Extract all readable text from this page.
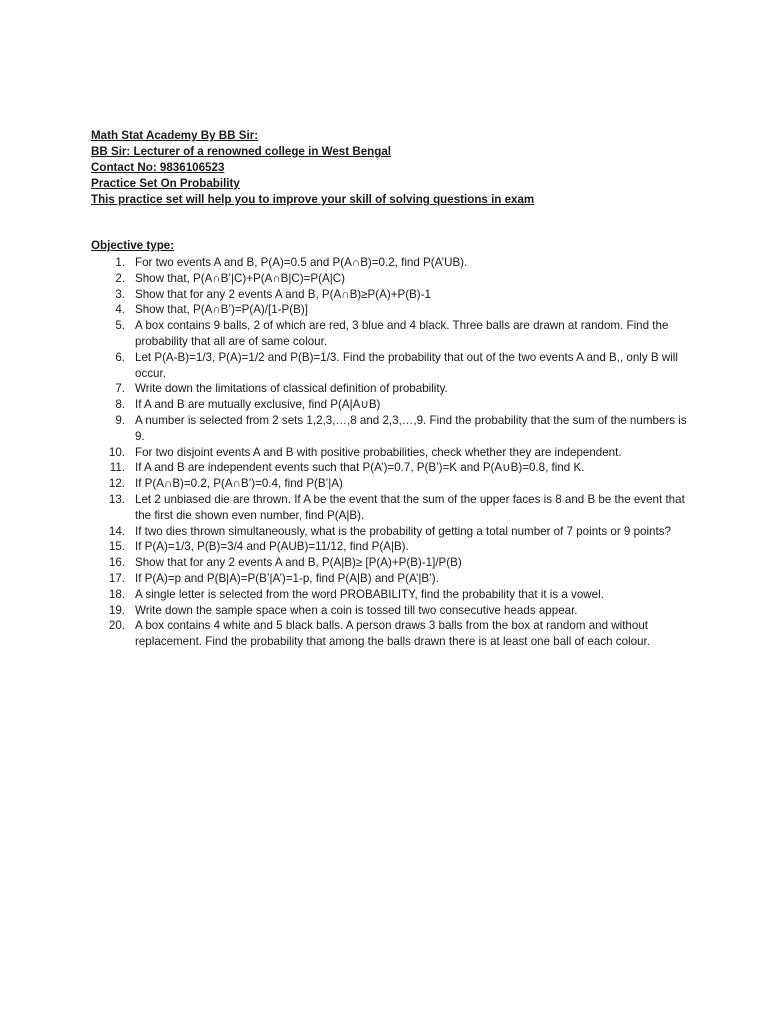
Math Stat Academy By BB Sir:
BB Sir: Lecturer of a renowned college in West Bengal
Contact No: 9836106523
Practice Set On Probability
This practice set will help you to improve your skill of solving questions in exam
Objective type:
1. For two events A and B, P(A)=0.5 and P(A∩B)=0.2, find P(A’UB).
2. Show that, P(A∩B’|C)+P(A∩B|C)=P(A|C)
3. Show that for any 2 events A and B, P(A∩B)≥P(A)+P(B)-1
4. Show that, P(A∩B’)=P(A)/[1-P(B)]
5. A box contains 9 balls, 2 of which are red, 3 blue and 4 black. Three balls are drawn at random. Find the probability that all are of same colour.
6. Let P(A-B)=1/3, P(A)=1/2 and P(B)=1/3. Find the probability that out of the two events A and B,, only B will occur.
7. Write down the limitations of classical definition of probability.
8. If A and B are mutually exclusive, find P(A|A∪B)
9. A number is selected from 2 sets 1,2,3,…,8 and 2,3,…,9. Find the probability that the sum of the numbers is 9.
10. For two disjoint events A and B with positive probabilities, check whether they are independent.
11. If A and B are independent events such that P(A’)=0.7, P(B’)=K and P(A∪B)=0.8, find K.
12. If P(A∩B)=0.2, P(A∩B’)=0.4, find P(B’|A)
13. Let 2 unbiased die are thrown. If A be the event that the sum of the upper faces is 8 and B be the event that the first die shown even number, find P(A|B).
14. If two dies thrown simultaneously, what is the probability of getting a total number of 7 points or 9 points?
15. If P(A)=1/3, P(B)=3/4 and P(AUB)=11/12, find P(A|B).
16. Show that for any 2 events A and B, P(A|B)≥ [P(A)+P(B)-1]/P(B)
17. If P(A)=p and P(B|A)=P(B’|A’)=1-p, find P(A|B) and P(A’|B’).
18. A single letter is selected from the word PROBABILITY, find the probability that it is a vowel.
19. Write down the sample space when a coin is tossed till two consecutive heads appear.
20. A box contains 4 white and 5 black balls. A person draws 3 balls from the box at random and without replacement. Find the probability that among the balls drawn there is at least one ball of each colour.
